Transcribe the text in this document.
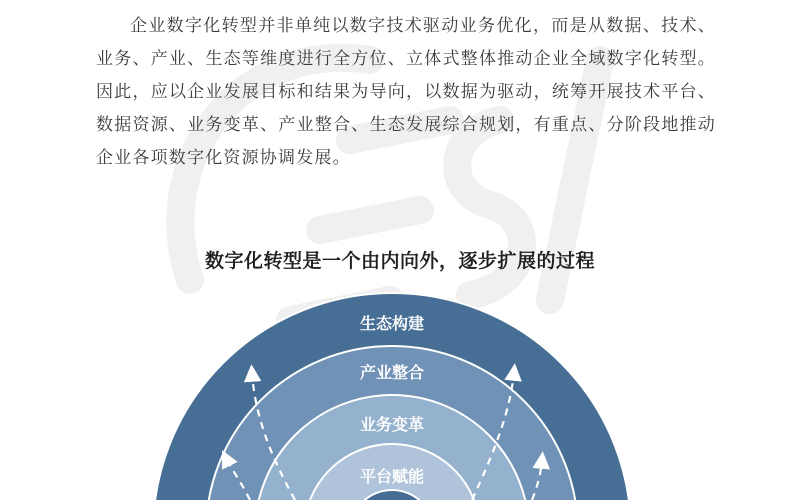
企业数字化转型并非单纯以数字技术驱动业务优化，而是从数据、技术、业务、产业、生态等维度进行全方位、立体式整体推动企业全域数字化转型。因此，应以企业发展目标和结果为导向，以数据为驱动，统筹开展技术平台、数据资源、业务变革、产业整合、生态发展综合规划，有重点、分阶段地推动企业各项数字化资源协调发展。

数字化转型是一个由内向外，逐步扩展的过程
生态构建
产业整合
业务变革
平台赋能
